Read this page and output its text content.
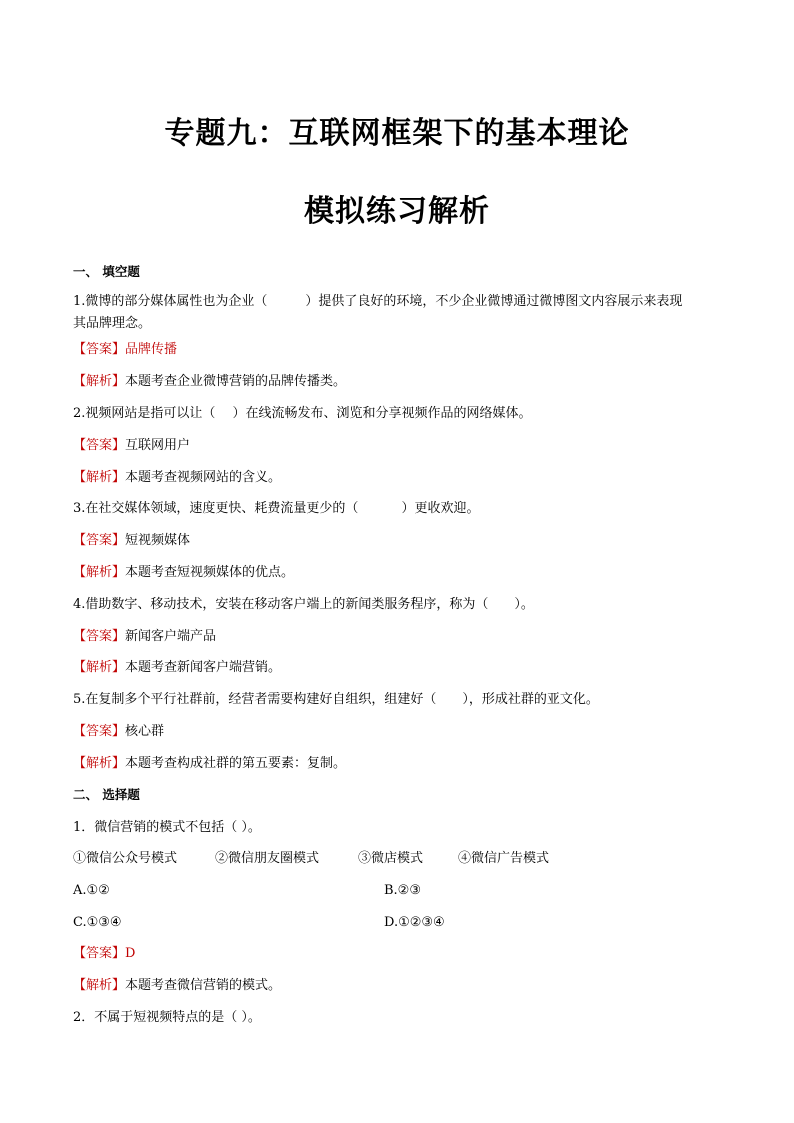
专题九：互联网框架下的基本理论
模拟练习解析
一、 填空题
1.微博的部分媒体属性也为企业（	）提供了良好的环境，不少企业微博通过微博图文内容展示来表现
其品牌理念。
【答案】品牌传播
【解析】本题考查企业微博营销的品牌传播类。
2.视频网站是指可以让（　 ）在线流畅发布、浏览和分享视频作品的网络媒体。
【答案】互联网用户
【解析】本题考查视频网站的含义。
3.在社交媒体领域，速度更快、耗费流量更少的（　　　 ）更收欢迎。
【答案】短视频媒体
【解析】本题考查短视频媒体的优点。
4.借助数字、移动技术，安装在移动客户端上的新闻类服务程序，称为（　　）。
【答案】新闻客户端产品
【解析】本题考查新闻客户端营销。
5.在复制多个平行社群前，经营者需要构建好自组织，组建好（　　），形成社群的亚文化。
【答案】核心群
【解析】本题考查构成社群的第五要素：复制。
二、 选择题
1．微信营销的模式不包括（ ）。
①微信公众号模式	②微信朋友圈模式	③微店模式	④微信广告模式
A.①②	B.②③
C.①③④	D.①②③④
【答案】D
【解析】本题考查微信营销的模式。
2．不属于短视频特点的是（ ）。
